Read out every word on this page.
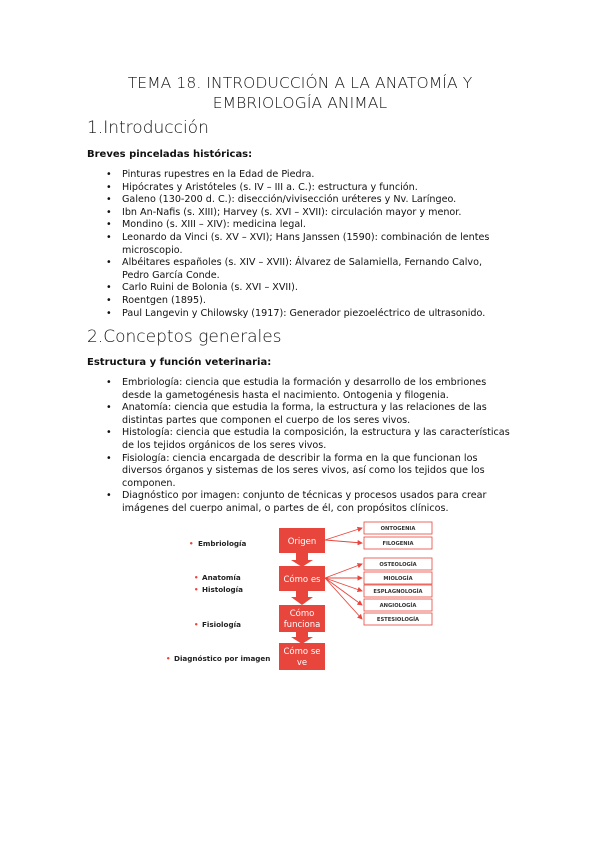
TEMA 18. INTRODUCCIÓN A LA ANATOMÍA Y
EMBRIOLOGÍA ANIMAL
1.Introducción
Breves pinceladas históricas:
• Pinturas rupestres en la Edad de Piedra.
• Hipócrates y Aristóteles (s. IV – III a. C.): estructura y función.
• Galeno (130-200 d. C.): disección/vivisección uréteres y Nv. Laríngeo.
• Ibn An-Nafis (s. XIII); Harvey (s. XVI – XVII): circulación mayor y menor.
• Mondino (s. XIII – XIV): medicina legal.
• Leonardo da Vinci (s. XV – XVI); Hans Janssen (1590): combinación de lentes microscopio.
• Albéitares españoles (s. XIV – XVII): Álvarez de Salamiella, Fernando Calvo, Pedro García Conde.
• Carlo Ruini de Bolonia (s. XVI – XVII).
• Roentgen (1895).
• Paul Langevin y Chilowsky (1917): Generador piezoeléctrico de ultrasonido.
2.Conceptos generales
Estructura y función veterinaria:
• Embriología: ciencia que estudia la formación y desarrollo de los embriones desde la gametogénesis hasta el nacimiento. Ontogenia y filogenia.
• Anatomía: ciencia que estudia la forma, la estructura y las relaciones de las distintas partes que componen el cuerpo de los seres vivos.
• Histología: ciencia que estudia la composición, la estructura y las características de los tejidos orgánicos de los seres vivos.
• Fisiología: ciencia encargada de describir la forma en la que funcionan los diversos órganos y sistemas de los seres vivos, así como los tejidos que los componen.
• Diagnóstico por imagen: conjunto de técnicas y procesos usados para crear imágenes del cuerpo animal, o partes de él, con propósitos clínicos.
• Embriología
• Anatomía
• Histología
• Fisiología
• Diagnóstico por imagen
Origen
Cómo es
Cómo
funciona
Cómo se
ve
ONTOGENIA
FILOGENIA
OSTEOLOGÍA
MIOLOGÍA
ESPLAGNOLOGÍA
ANGIOLOGÍA
ESTESIOLOGÍA
